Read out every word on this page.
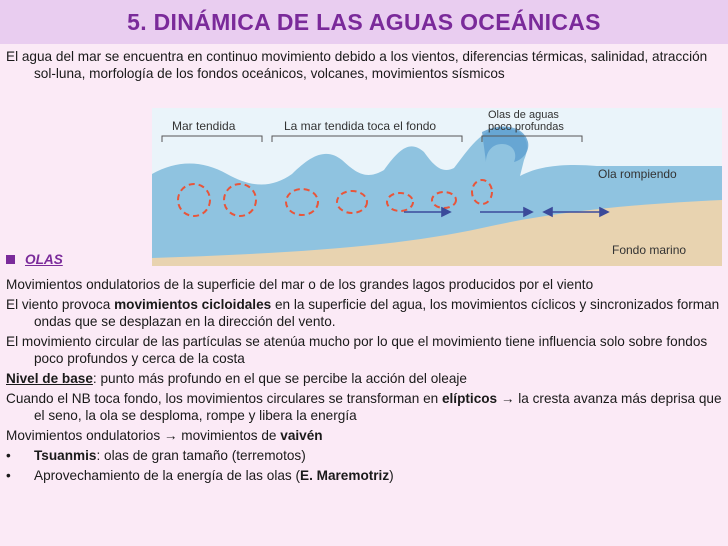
5. DINÁMICA DE LAS AGUAS OCEÁNICAS

El agua del mar se encuentra en continuo movimiento debido a los vientos, diferencias térmicas, salinidad, atracción sol-luna, morfología de los fondos oceánicos, volcanes, movimientos sísmicos

Mar tendida	La mar tendida toca el fondo
Olas de aguas
poco profundas
Ola rompiendo
Fondo marino
OLAS

Movimientos ondulatorios de la superficie del mar o de los grandes lagos producidos por el viento

El viento provoca movimientos cicloidales en la superficie del agua, los movimientos cíclicos y sincronizados forman ondas que se desplazan en la dirección del vento.

El movimiento circular de las partículas se atenúa mucho por lo que el movimiento tiene influencia solo sobre fondos poco profundos y cerca de la costa

Nivel de base: punto más profundo en el que se percibe la acción del oleaje

Cuando el NB toca fondo, los movimientos circulares se transforman en elípticos → la cresta avanza más deprisa que el seno, la ola se desploma, rompe y libera la energía

Movimientos ondulatorios → movimientos de vaivén

•	Tsuanmis: olas de gran tamaño (terremotos)
•	Aprovechamiento de la energía de las olas (E. Maremotriz)
